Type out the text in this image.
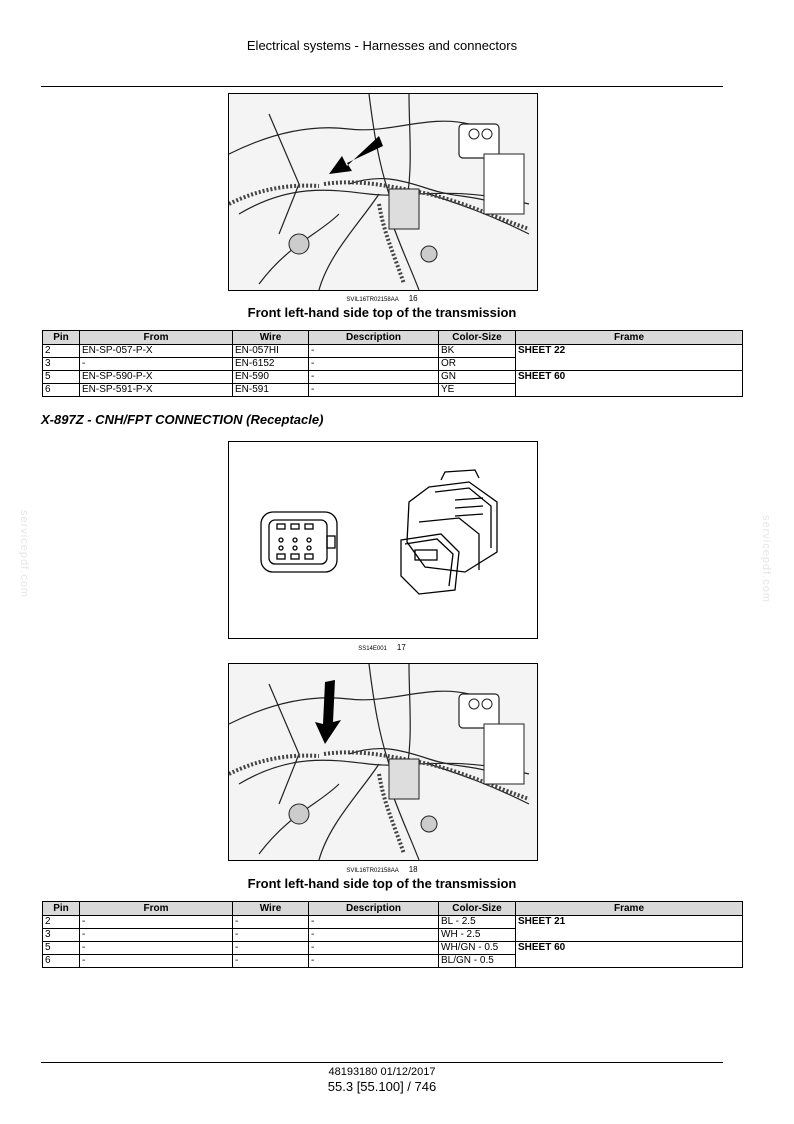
Electrical systems - Harnesses and connectors
servicepdf.com	servicepdf.com
SVIL16TR02158AA 16
Front left-hand side top of the transmission
Pin	From	Wire	Description	Color-Size	Frame
2	EN-SP-057-P-X	EN-057HI	-	BK	SHEET 22
3	-	EN-6152	-	OR	
5	EN-SP-590-P-X	EN-590	-	GN	SHEET 60
6	EN-SP-591-P-X	EN-591	-	YE	
X-897Z - CNH/FPT CONNECTION (Receptacle)
SS14E001 17
SVIL16TR02158AA 18
Front left-hand side top of the transmission
Pin	From	Wire	Description	Color-Size	Frame
2	-	-	-	BL - 2.5	SHEET 21
3	-	-	-	WH - 2.5	
5	-	-	-	WH/GN - 0.5	SHEET 60
6	-	-	-	BL/GN - 0.5	
48193180 01/12/2017
55.3 [55.100] / 746
